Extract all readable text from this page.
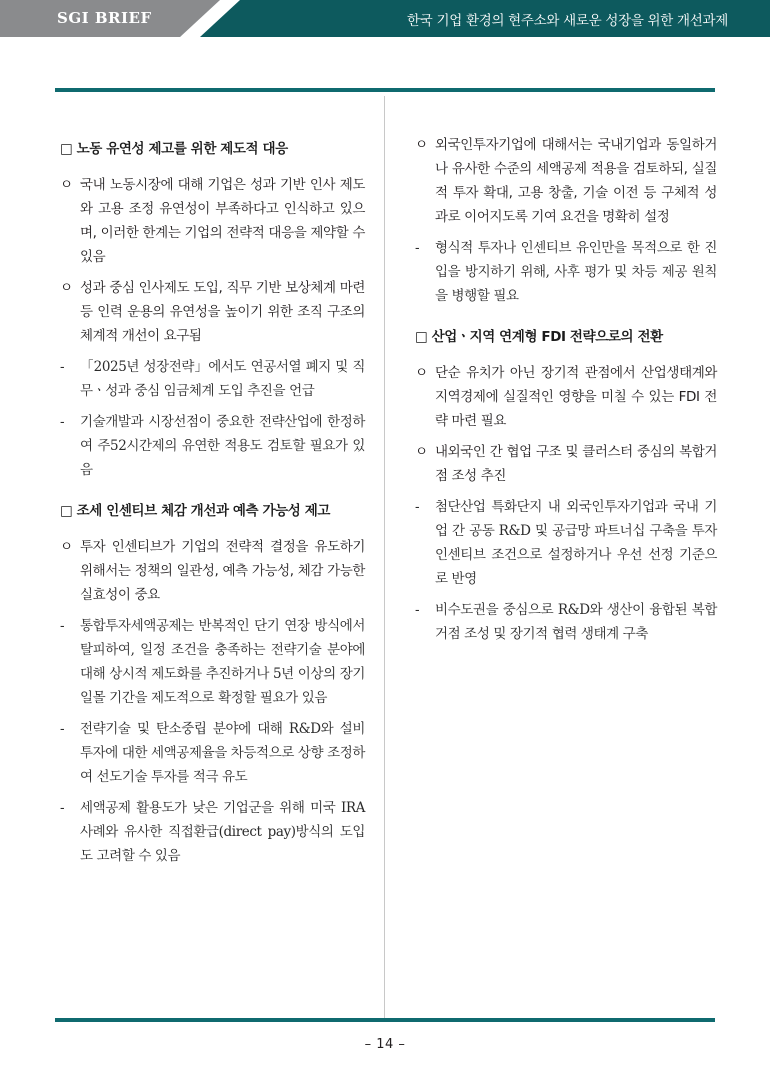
SGI BRIEF	한국 기업 환경의 현주소와 새로운 성장을 위한 개선과제
□ 노동 유연성 제고를 위한 제도적 대응
ㅇ 국내 노동시장에 대해 기업은 성과 기반 인사 제도와 고용 조정 유연성이 부족하다고 인식하고 있으며, 이러한 한계는 기업의 전략적 대응을 제약할 수 있음
ㅇ 성과 중심 인사제도 도입, 직무 기반 보상체계 마련 등 인력 운용의 유연성을 높이기 위한 조직 구조의 체계적 개선이 요구됨
-	「2025년 성장전략」에서도 연공서열 폐지 및 직무ㆍ성과 중심 임금체계 도입 추진을 언급
-	기술개발과 시장선점이 중요한 전략산업에 한정하여 주52시간제의 유연한 적용도 검토할 필요가 있음
□ 조세 인센티브 체감 개선과 예측 가능성 제고
ㅇ 투자 인센티브가 기업의 전략적 결정을 유도하기 위해서는 정책의 일관성, 예측 가능성, 체감 가능한 실효성이 중요
-	통합투자세액공제는 반복적인 단기 연장 방식에서 탈피하여, 일정 조건을 충족하는 전략기술 분야에 대해 상시적 제도화를 추진하거나 5년 이상의 장기 일몰 기간을 제도적으로 확정할 필요가 있음
-	전략기술 및 탄소중립 분야에 대해 R&D와 설비 투자에 대한 세액공제율을 차등적으로 상향 조정하여 선도기술 투자를 적극 유도
-	세액공제 활용도가 낮은 기업군을 위해 미국 IRA 사례와 유사한 직접환급(direct pay)방식의 도입도 고려할 수 있음
ㅇ 외국인투자기업에 대해서는 국내기업과 동일하거나 유사한 수준의 세액공제 적용을 검토하되, 실질적 투자 확대, 고용 창출, 기술 이전 등 구체적 성과로 이어지도록 기여 요건을 명확히 설정
-	형식적 투자나 인센티브 유인만을 목적으로 한 진입을 방지하기 위해, 사후 평가 및 차등 제공 원칙을 병행할 필요
□ 산업ㆍ지역 연계형 FDI 전략으로의 전환
ㅇ 단순 유치가 아닌 장기적 관점에서 산업생태계와 지역경제에 실질적인 영향을 미칠 수 있는 FDI 전략 마련 필요
ㅇ 내외국인 간 협업 구조 및 클러스터 중심의 복합거점 조성 추진
-	첨단산업 특화단지 내 외국인투자기업과 국내 기업 간 공동 R&D 및 공급망 파트너십 구축을 투자 인센티브 조건으로 설정하거나 우선 선정 기준으로 반영
-	비수도권을 중심으로 R&D와 생산이 융합된 복합거점 조성 및 장기적 협력 생태계 구축
– 14 –
